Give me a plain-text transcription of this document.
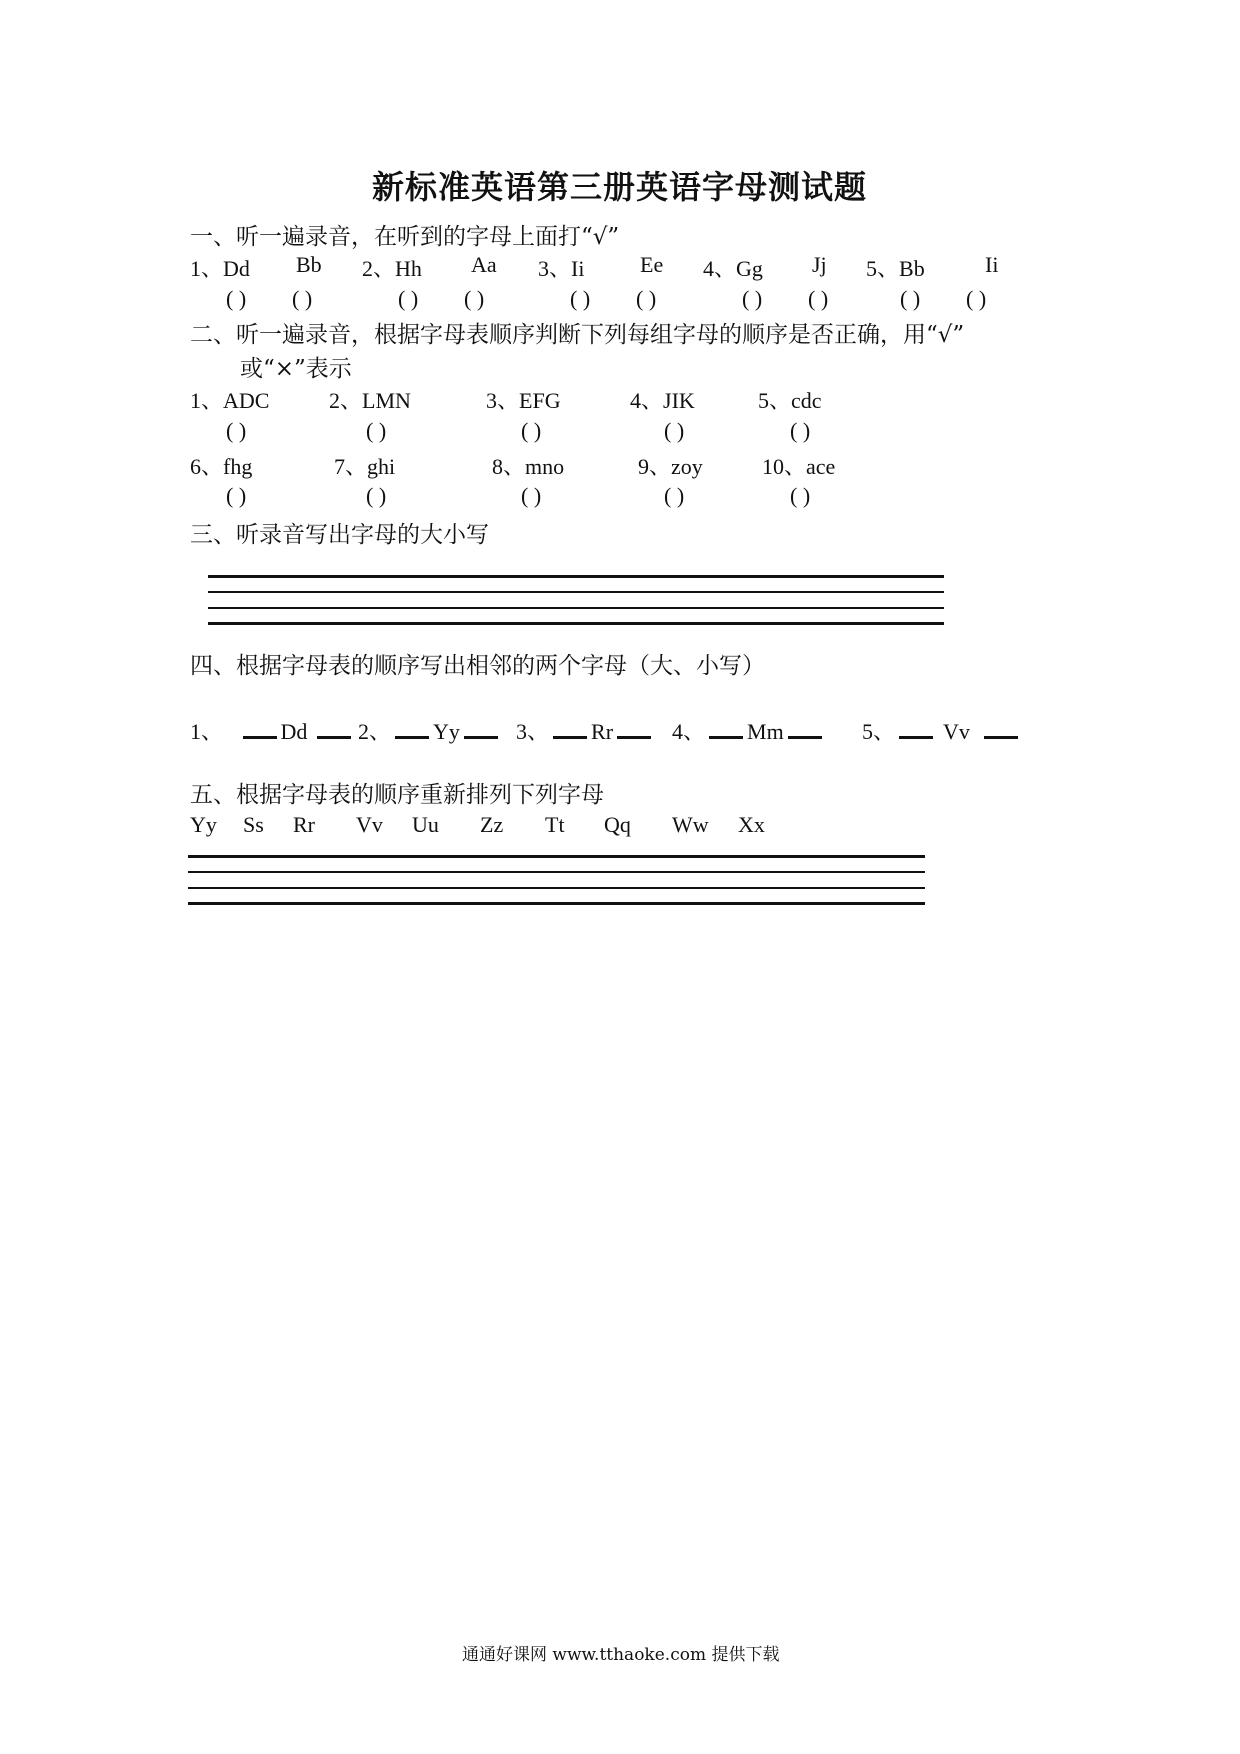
新标准英语第三册英语字母测试题
一、听一遍录音，在听到的字母上面打“√”
1、Dd Bb 2、Hh Aa 3、Ii	Ee 4、Gg Jj 5、Bb	Ii
( ) ( )	( ) ( )	( ) ( )	( ) ( )	( ) ( )
二、听一遍录音，根据字母表顺序判断下列每组字母的顺序是否正确，用“√”
或“×”表示
1、ADC	2、LMN	3、EFG	4、JIK	5、cdc
( )	( )	( )	( )	( )
6、fhg	7、ghi	8、mno	9、zoy	10、ace
( )	( )	( )	( )	( )
三、听录音写出字母的大小写
四、根据字母表的顺序写出相邻的两个字母（大、小写）
1、	Dd	2、 Yy	3、 Rr	4、 Mm	5、 Vv
五、根据字母表的顺序重新排列下列字母
Yy Ss Rr Vv Uu Zz Tt Qq Ww Xx
通通好课网 www.tthaoke.com 提供下载
